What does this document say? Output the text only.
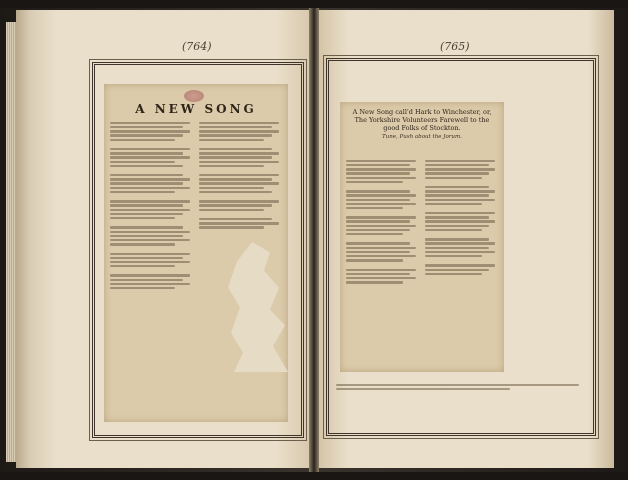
(764)	(765)
A NEW SONG	A New Song call'd Hark to Winchester, or, The Yorkshire Volunteers Farewell to the good Folks of Stockton.
Tune, Push about the Jorum.
